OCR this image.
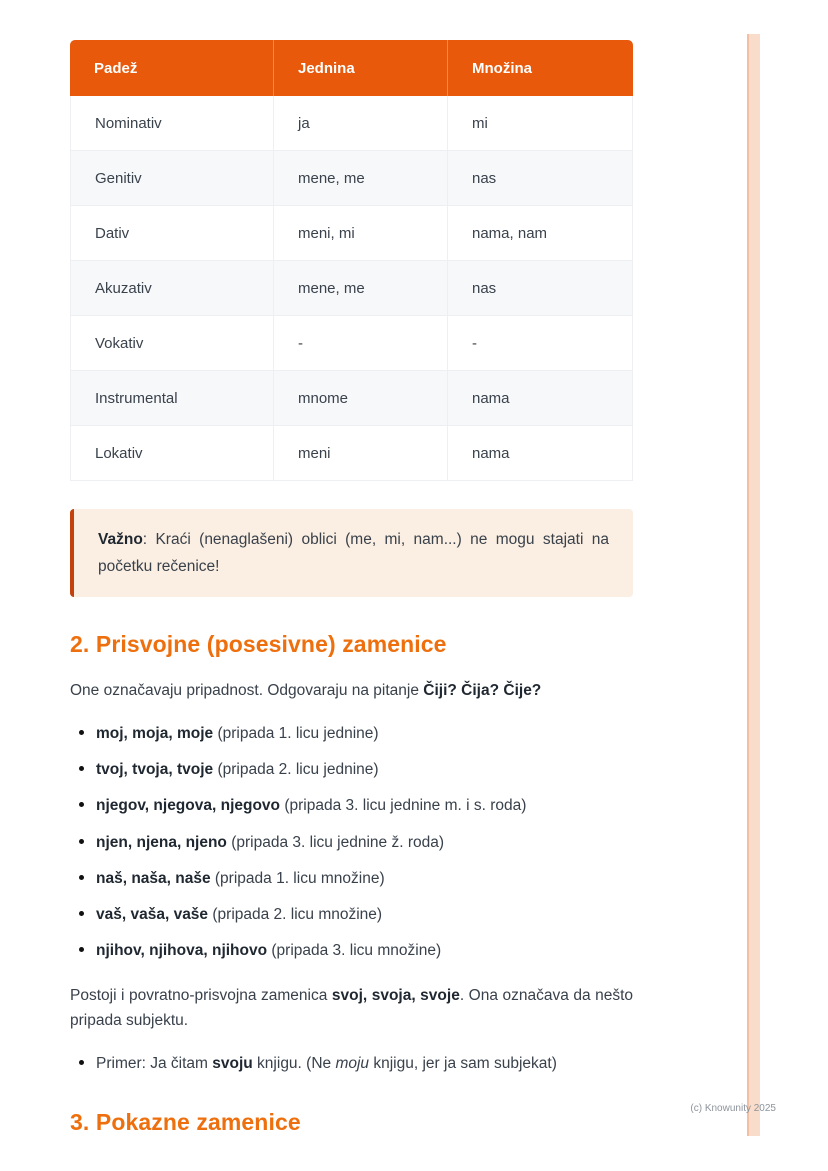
Padež	Jednina	Množina
Nominativ	ja	mi
Genitiv	mene, me	nas
Dativ	meni, mi	nama, nam
Akuzativ	mene, me	nas
Vokativ	-	-
Instrumental	mnome	nama
Lokativ	meni	nama

Važno: Kraći (nenaglašeni) oblici (me, mi, nam...) ne mogu stajati na početku rečenice!

2. Prisvojne (posesivne) zamenice

One označavaju pripadnost. Odgovaraju na pitanje Čiji? Čija? Čije?

moj, moja, moje (pripada 1. licu jednine)
tvoj, tvoja, tvoje (pripada 2. licu jednine)
njegov, njegova, njegovo (pripada 3. licu jednine m. i s. roda)
njen, njena, njeno (pripada 3. licu jednine ž. roda)
naš, naša, naše (pripada 1. licu množine)
vaš, vaša, vaše (pripada 2. licu množine)
njihov, njihova, njihovo (pripada 3. licu množine)

Postoji i povratno-prisvojna zamenica svoj, svoja, svoje. Ona označava da nešto pripada subjektu.

Primer: Ja čitam svoju knjigu. (Ne moju knjigu, jer ja sam subjekat)
3. Pokazne zamenice
(c) Knowunity 2025
